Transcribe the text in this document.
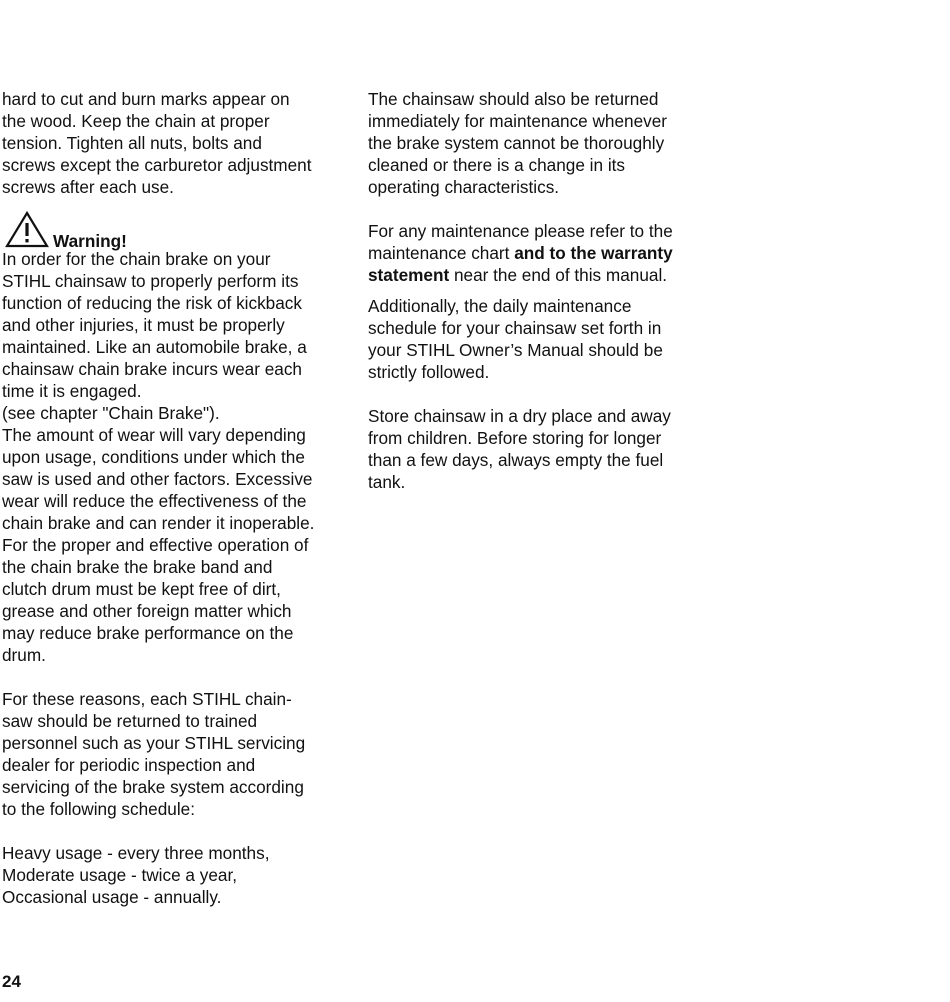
hard to cut and burn marks appear on
the wood. Keep the chain at proper
tension. Tighten all nuts, bolts and
screws except the carburetor adjustment
screws after each use.
Warning!
In order for the chain brake on your
STIHL chainsaw to properly perform its
function of reducing the risk of kickback
and other injuries, it must be properly
maintained. Like an automobile brake, a
chainsaw chain brake incurs wear each
time it is engaged.
(see chapter "Chain Brake").
The amount of wear will vary depending
upon usage, conditions under which the
saw is used and other factors. Excessive
wear will reduce the effectiveness of the
chain brake and can render it inoperable.
For the proper and effective operation of
the chain brake the brake band and
clutch drum must be kept free of dirt,
grease and other foreign matter which
may reduce brake performance on the
drum.
For these reasons, each STIHL chain-
saw should be returned to trained
personnel such as your STIHL servicing
dealer for periodic inspection and
servicing of the brake system according
to the following schedule:
Heavy usage - every three months,
Moderate usage - twice a year,
Occasional usage - annually.
The chainsaw should also be returned
immediately for maintenance whenever
the brake system cannot be thoroughly
cleaned or there is a change in its
operating characteristics.
For any maintenance please refer to the
maintenance chart and to the warranty
statement near the end of this manual.
Additionally, the daily maintenance
schedule for your chainsaw set forth in
your STIHL Owner’s Manual should be
strictly followed.
Store chainsaw in a dry place and away
from children. Before storing for longer
than a few days, always empty the fuel
tank.
24
